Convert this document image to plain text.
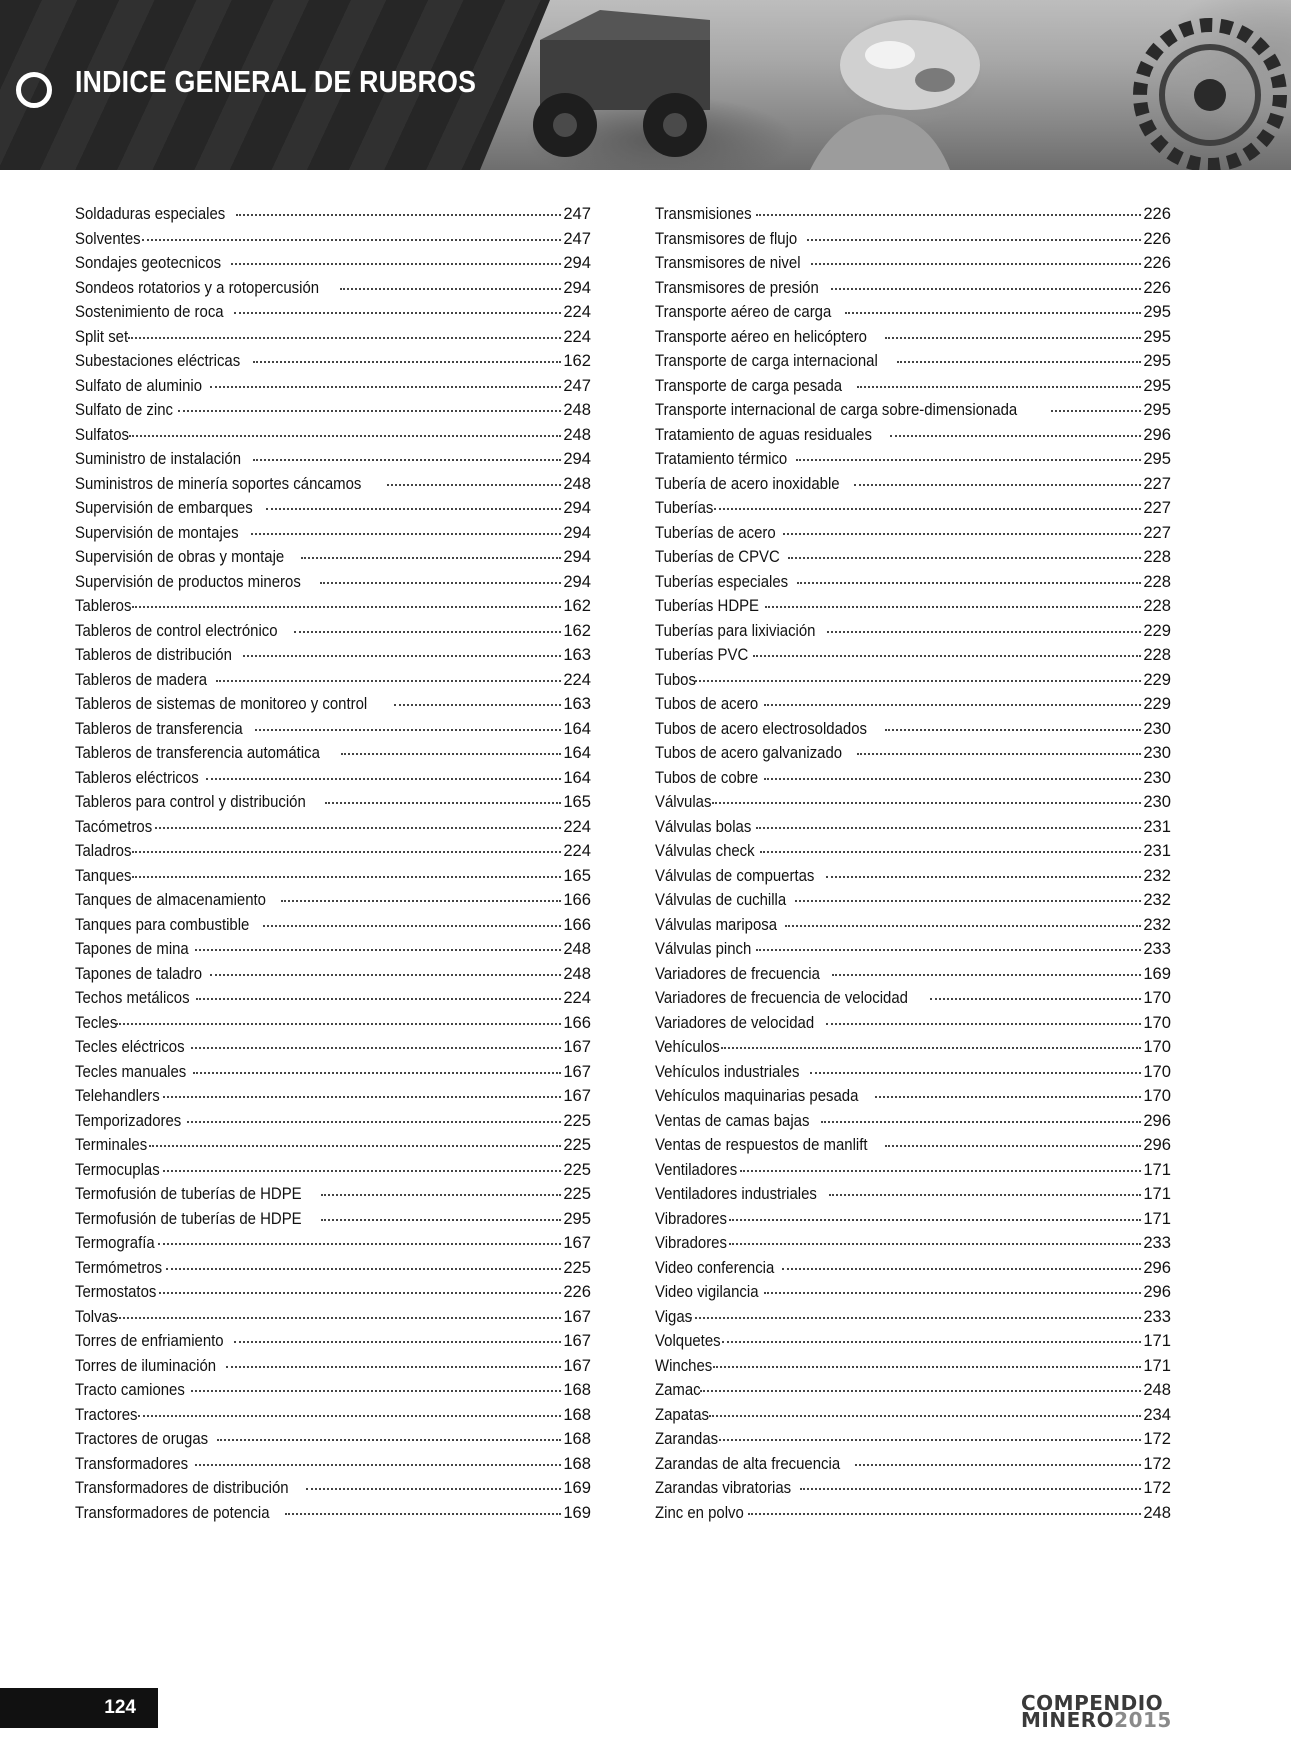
INDICE GENERAL DE RUBROS
Soldaduras especiales	247
Solventes	247
Sondajes geotecnicos	294
Sondeos rotatorios y a rotopercusión	294
Sostenimiento de roca	224
Split set	224
Subestaciones eléctricas	162
Sulfato de aluminio	247
Sulfato de zinc	248
Sulfatos	248
Suministro de instalación	294
Suministros de minería soportes cáncamos	248
Supervisión de embarques	294
Supervisión de montajes	294
Supervisión de obras y montaje	294
Supervisión de productos mineros	294
Tableros	162
Tableros de control electrónico	162
Tableros de distribución	163
Tableros de madera	224
Tableros de sistemas de monitoreo y control	163
Tableros de transferencia	164
Tableros de transferencia automática	164
Tableros eléctricos	164
Tableros para control y distribución	165
Tacómetros	224
Taladros	224
Tanques	165
Tanques de almacenamiento	166
Tanques para combustible	166
Tapones de mina	248
Tapones de taladro	248
Techos metálicos	224
Tecles	166
Tecles eléctricos	167
Tecles manuales	167
Telehandlers	167
Temporizadores	225
Terminales	225
Termocuplas	225
Termofusión de tuberías de HDPE	225
Termofusión de tuberías de HDPE	295
Termografía	167
Termómetros	225
Termostatos	226
Tolvas	167
Torres de enfriamiento	167
Torres de iluminación	167
Tracto camiones	168
Tractores	168
Tractores de orugas	168
Transformadores	168
Transformadores de distribución	169
Transformadores de potencia	169
Transmisiones	226
Transmisores de flujo	226
Transmisores de nivel	226
Transmisores de presión	226
Transporte aéreo de carga	295
Transporte aéreo en helicóptero	295
Transporte de carga internacional	295
Transporte de carga pesada	295
Transporte internacional de carga sobre-dimensionada	295
Tratamiento de aguas residuales	296
Tratamiento térmico	295
Tubería de acero inoxidable	227
Tuberías	227
Tuberías de acero	227
Tuberías de CPVC	228
Tuberías especiales	228
Tuberías HDPE	228
Tuberías para lixiviación	229
Tuberías PVC	228
Tubos	229
Tubos de acero	229
Tubos de acero electrosoldados	230
Tubos de acero galvanizado	230
Tubos de cobre	230
Válvulas	230
Válvulas bolas	231
Válvulas check	231
Válvulas de compuertas	232
Válvulas de cuchilla	232
Válvulas mariposa	232
Válvulas pinch	233
Variadores de frecuencia	169
Variadores de frecuencia de velocidad	170
Variadores de velocidad	170
Vehículos	170
Vehículos industriales	170
Vehículos maquinarias pesada	170
Ventas de camas bajas	296
Ventas de respuestos de manlift	296
Ventiladores	171
Ventiladores industriales	171
Vibradores	171
Vibradores	233
Video conferencia	296
Video vigilancia	296
Vigas	233
Volquetes	171
Winches	171
Zamac	248
Zapatas	234
Zarandas	172
Zarandas de alta frecuencia	172
Zarandas vibratorias	172
Zinc en polvo	248
124	COMPENDIO
MINERO2015
